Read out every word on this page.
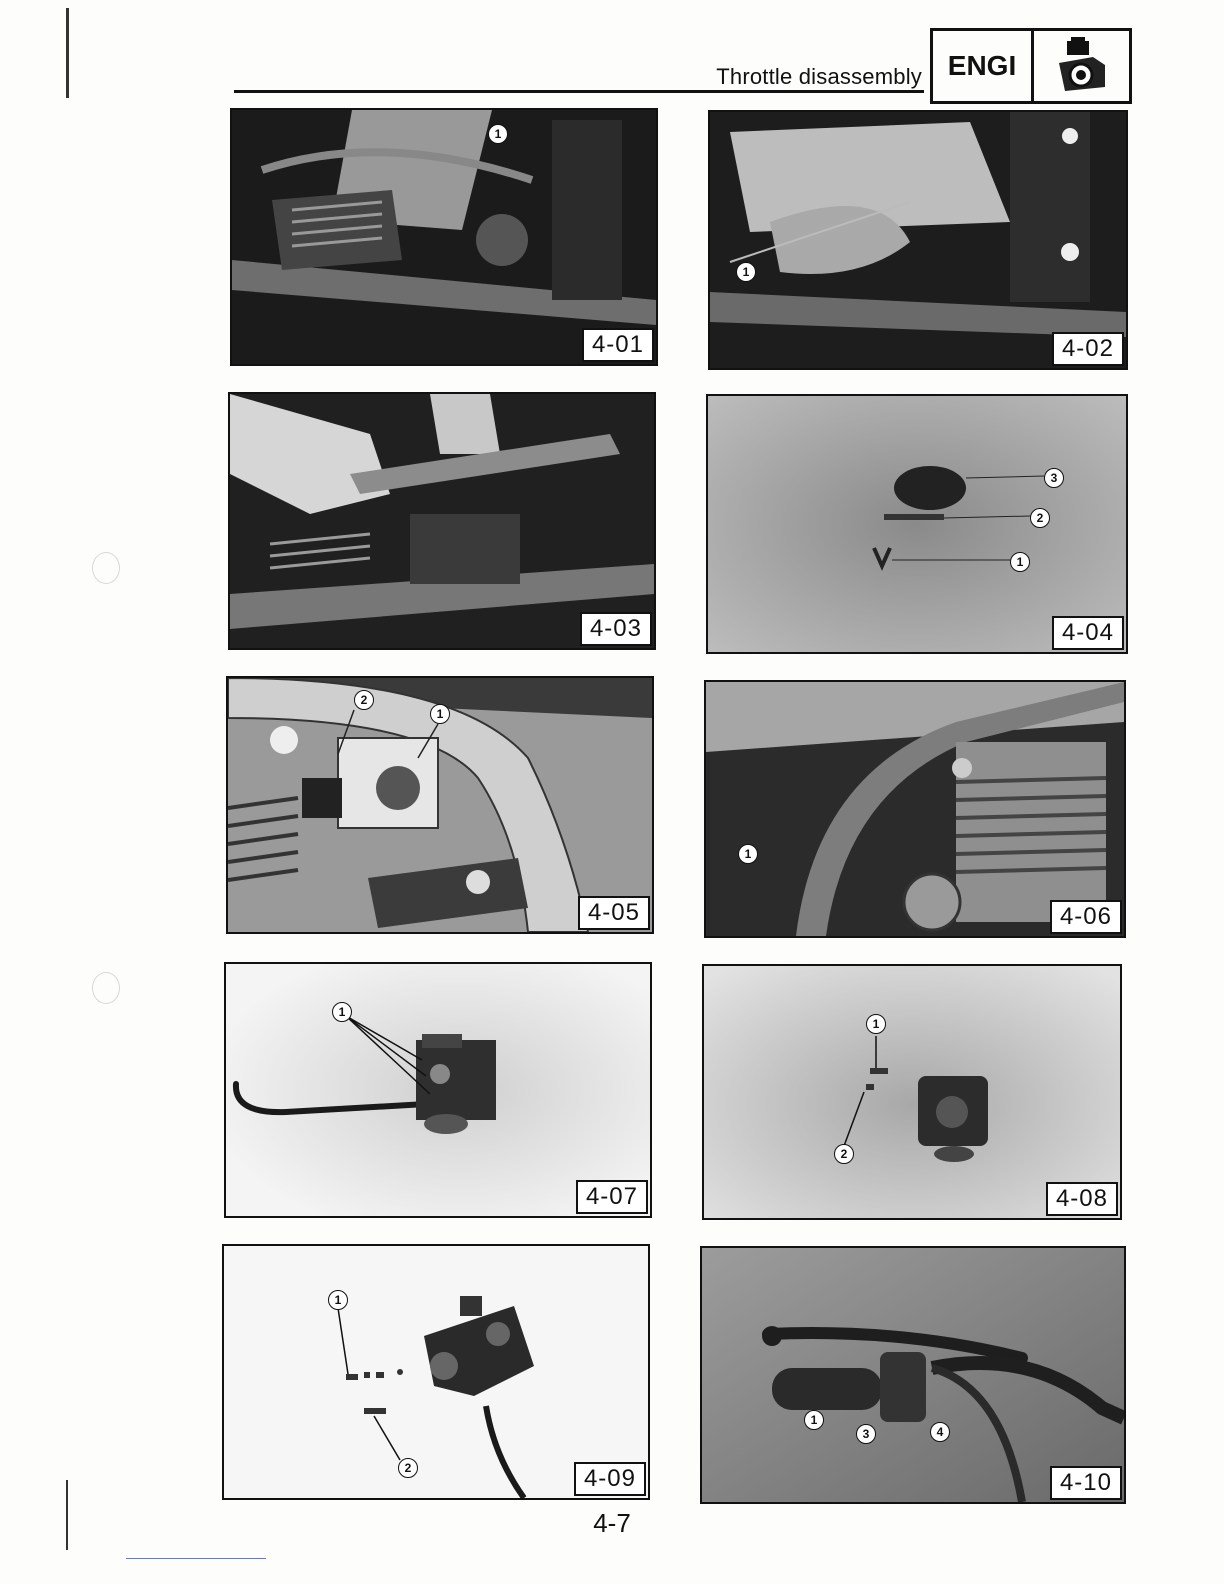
Throttle disassembly ENGI
1
4-01
1
4-02
4-03
3
2
1
4-04
2
1
4-05
1
4-06
1
4-07
1
2
4-08
1
2	4-09
1
3	4
4-10
4-7
